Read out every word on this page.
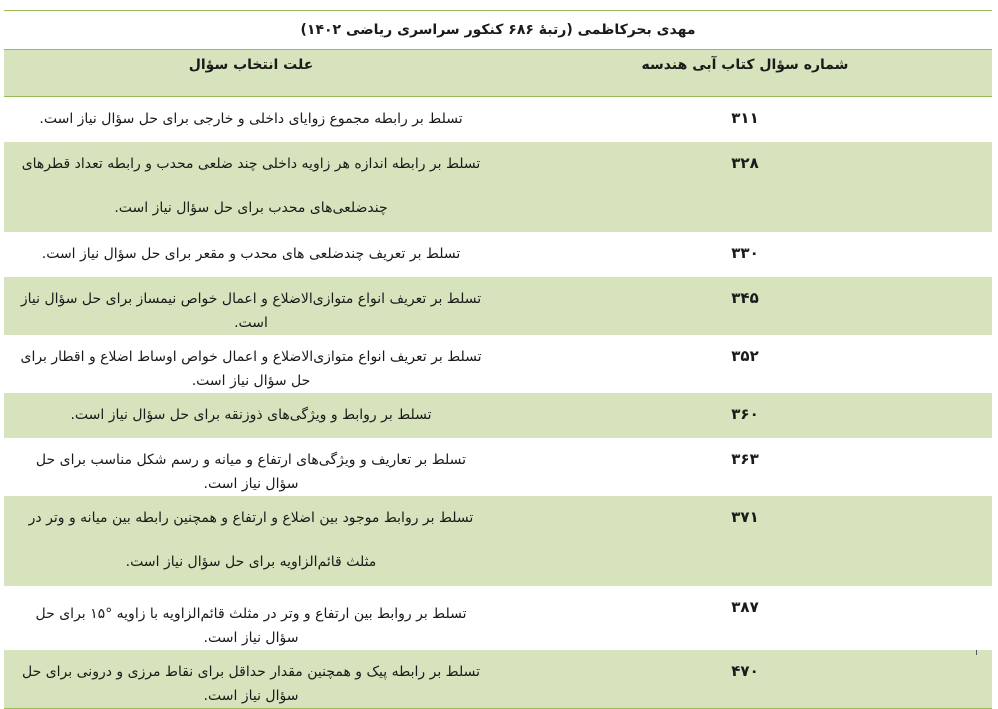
مهدی بحرکاظمی (رتبهٔ ۶۸۶ کنکور سراسری ریاضی ۱۴۰۲)	
شماره سؤال کتاب آبی هندسه	علت انتخاب سؤال
۳۱۱	تسلط بر رابطه مجموع زوایای داخلی و خارجی برای حل سؤال نیاز است.
۳۲۸	تسلط بر رابطه اندازه هر زاویه داخلی چند ضلعی محدب و رابطه تعداد قطرهای چندضلعی‌های محدب برای حل سؤال نیاز است.
۳۳۰	تسلط بر تعریف چندضلعی های محدب و مقعر برای حل سؤال نیاز است.
۳۴۵	تسلط بر تعریف انواع متوازی‌الاضلاع و اعمال خواص نیمساز برای حل سؤال نیاز است.
۳۵۲	تسلط بر تعریف انواع متوازی‌الاضلاع و اعمال خواص اوساط اضلاع و اقطار برای حل سؤال نیاز است.
۳۶۰	تسلط بر روابط و ویژگی‌های ذوزنقه برای حل سؤال نیاز است.
۳۶۳	تسلط بر تعاریف و ویژگی‌های ارتفاع و میانه و رسم شکل مناسب برای حل سؤال نیاز است.
۳۷۱	تسلط بر روابط موجود بین اضلاع و ارتفاع و همچنین رابطه بین میانه و وتر در مثلث قائم‌الزاویه برای حل سؤال نیاز است.
۳۸۷	تسلط بر روابط بین ارتفاع و وتر در مثلث قائم‌الزاویه با زاویه °۱۵ برای حل سؤال نیاز است.
۴۷۰	تسلط بر رابطه پیک و همچنین مقدار حداقل برای نقاط مرزی و درونی برای حل سؤال نیاز است.
